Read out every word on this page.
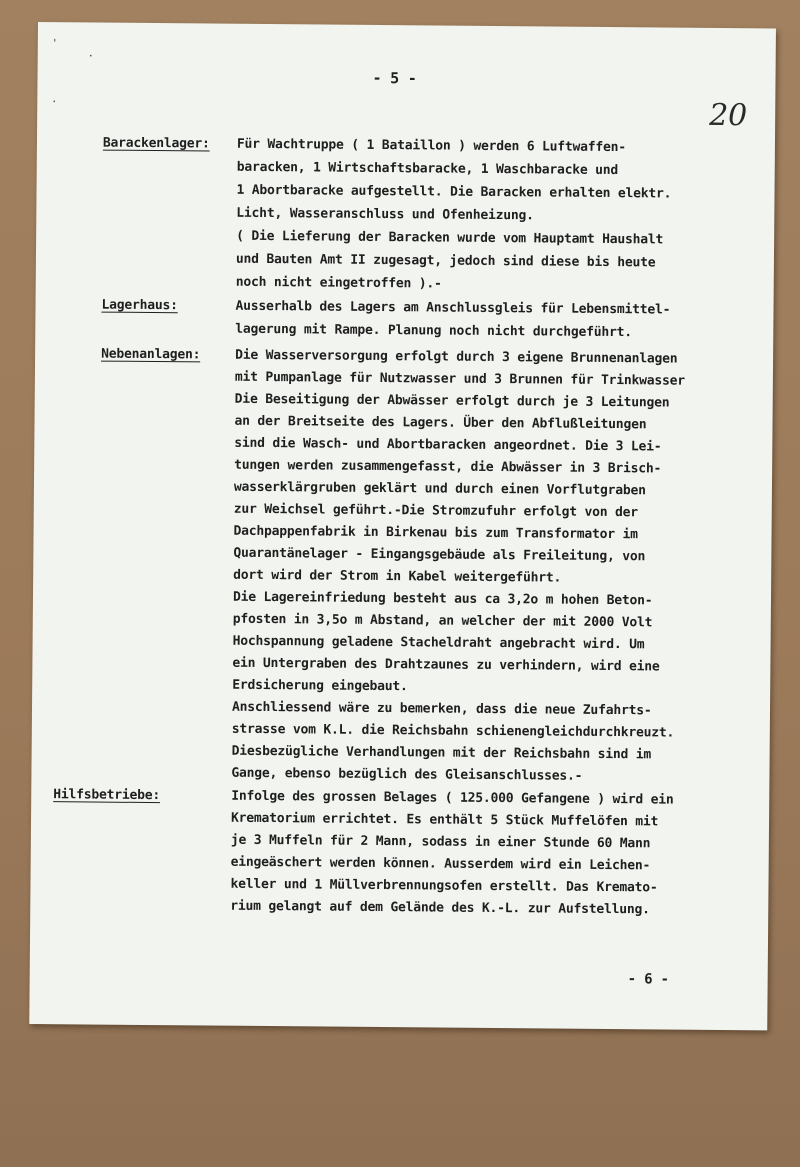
'
.
.
- 5 -
20
Barackenlager: Für Wachtruppe ( 1 Bataillon ) werden 6 Luftwaffen-
baracken, 1 Wirtschaftsbaracke, 1 Waschbaracke und
1 Abortbaracke aufgestellt. Die Baracken erhalten elektr.
Licht, Wasseranschluss und Ofenheizung.
( Die Lieferung der Baracken wurde vom Hauptamt Haushalt
und Bauten Amt II zugesagt, jedoch sind diese bis heute
noch nicht eingetroffen ).-
Lagerhaus:	Ausserhalb des Lagers am Anschlussgleis für Lebensmittel-
lagerung mit Rampe. Planung noch nicht durchgeführt.
Nebenanlagen:	Die Wasserversorgung erfolgt durch 3 eigene Brunnenanlagen
mit Pumpanlage für Nutzwasser und 3 Brunnen für Trinkwasser
Die Beseitigung der Abwässer erfolgt durch je 3 Leitungen
an der Breitseite des Lagers. Über den Abflußleitungen
sind die Wasch- und Abortbaracken angeordnet. Die 3 Lei-
tungen werden zusammengefasst, die Abwässer in 3 Brisch-
wasserklärgruben geklärt und durch einen Vorflutgraben
zur Weichsel geführt.-Die Stromzufuhr erfolgt von der
Dachpappenfabrik in Birkenau bis zum Transformator im
Quarantänelager - Eingangsgebäude als Freileitung, von
dort wird der Strom in Kabel weitergeführt.
Die Lagereinfriedung besteht aus ca 3,2o m hohen Beton-
pfosten in 3,5o m Abstand, an welcher der mit 2000 Volt
Hochspannung geladene Stacheldraht angebracht wird. Um
ein Untergraben des Drahtzaunes zu verhindern, wird eine
Erdsicherung eingebaut.
Anschliessend wäre zu bemerken, dass die neue Zufahrts-
strasse vom K.L. die Reichsbahn schienengleichdurchkreuzt.
Diesbezügliche Verhandlungen mit der Reichsbahn sind im
Gange, ebenso bezüglich des Gleisanschlusses.-
Hilfsbetriebe:	Infolge des grossen Belages ( 125.000 Gefangene ) wird ein
Krematorium errichtet. Es enthält 5 Stück Muffelöfen mit
je 3 Muffeln für 2 Mann, sodass in einer Stunde 60 Mann
eingeäschert werden können. Ausserdem wird ein Leichen-
keller und 1 Müllverbrennungsofen erstellt. Das Kremato-
rium gelangt auf dem Gelände des K.-L. zur Aufstellung.
- 6 -
